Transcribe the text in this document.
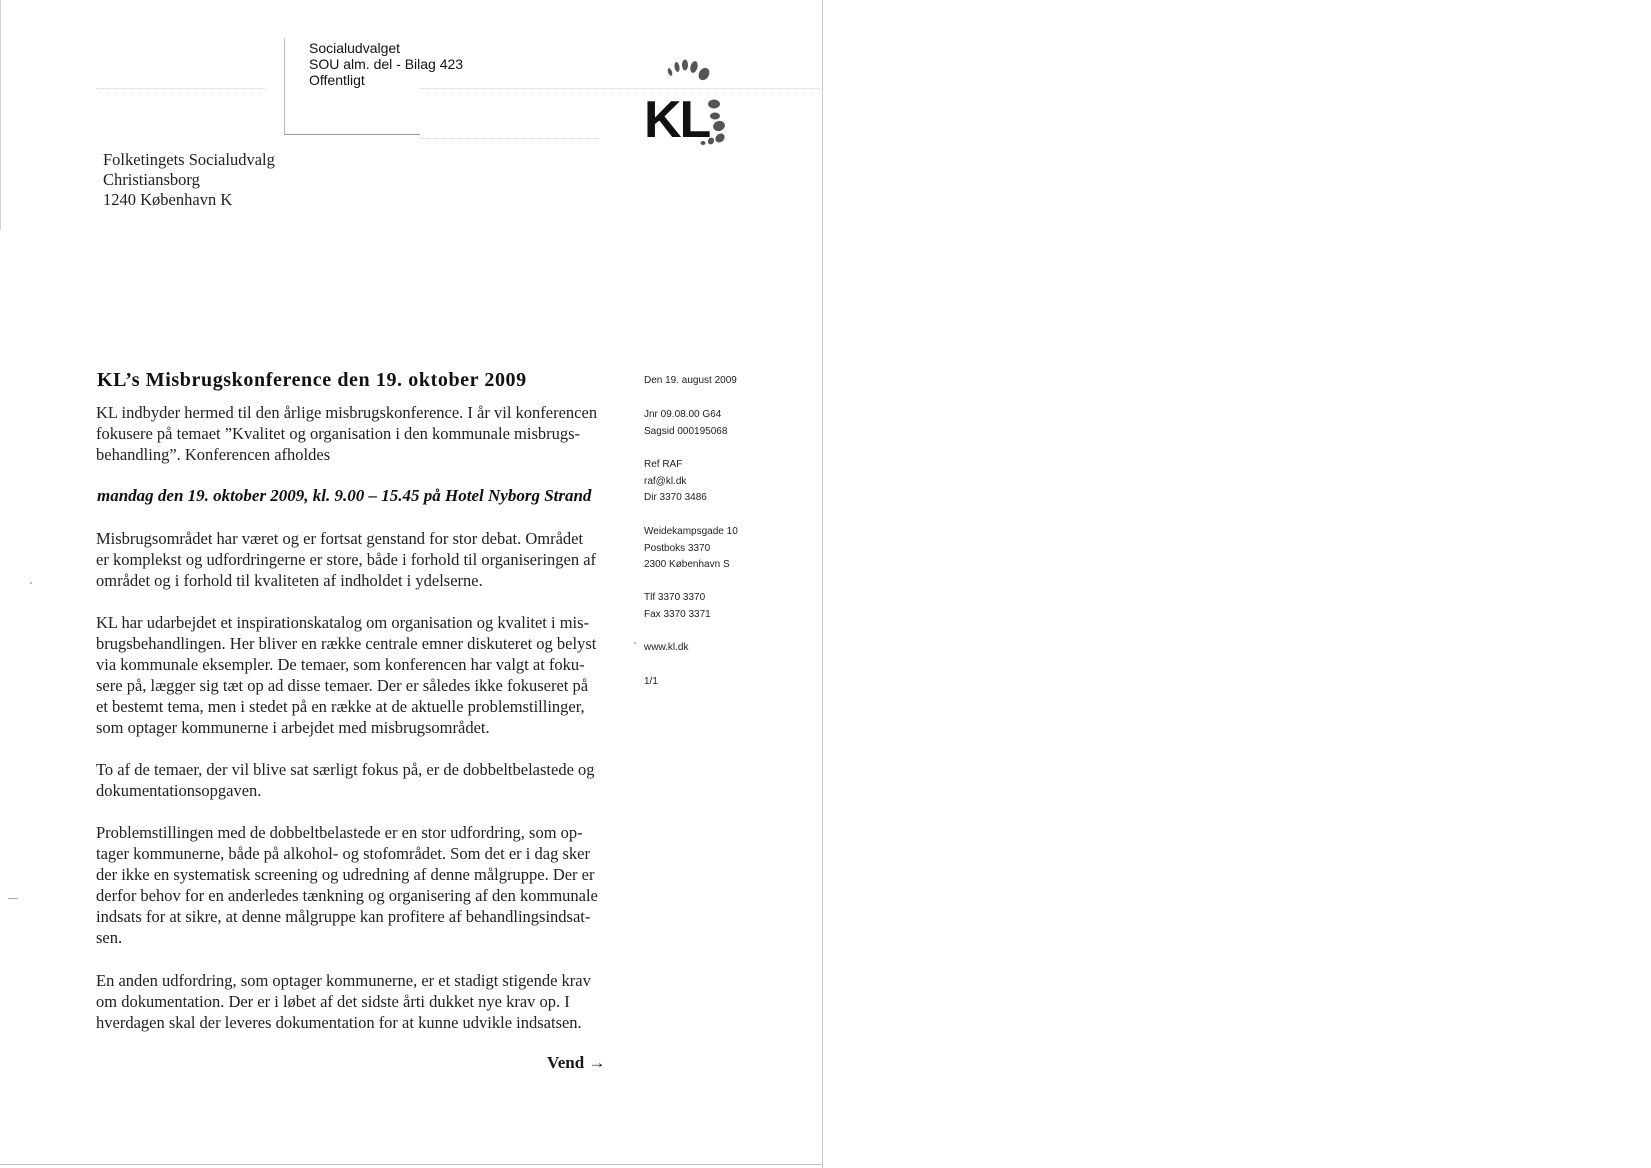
Socialudvalget
SOU alm. del - Bilag 423
Offentligt
KL
Folketingets Socialudvalg
Christiansborg
1240 København K
KL’s Misbrugskonference den 19. oktober 2009
KL indbyder hermed til den årlige misbrugskonference. I år vil konferencen
fokusere på temaet ”Kvalitet og organisation i den kommunale misbrugs-
behandling”. Konferencen afholdes
mandag den 19. oktober 2009, kl. 9.00 – 15.45 på Hotel Nyborg Strand
Misbrugsområdet har været og er fortsat genstand for stor debat. Området
er komplekst og udfordringerne er store, både i forhold til organiseringen af
området og i forhold til kvaliteten af indholdet i ydelserne.
KL har udarbejdet et inspirationskatalog om organisation og kvalitet i mis-
brugsbehandlingen. Her bliver en række centrale emner diskuteret og belyst
via kommunale eksempler. De temaer, som konferencen har valgt at foku-
sere på, lægger sig tæt op ad disse temaer. Der er således ikke fokuseret på
et bestemt tema, men i stedet på en række at de aktuelle problemstillinger,
som optager kommunerne i arbejdet med misbrugsområdet.
To af de temaer, der vil blive sat særligt fokus på, er de dobbeltbelastede og
dokumentationsopgaven.
Problemstillingen med de dobbeltbelastede er en stor udfordring, som op-
tager kommunerne, både på alkohol- og stofområdet. Som det er i dag sker
der ikke en systematisk screening og udredning af denne målgruppe. Der er
derfor behov for en anderledes tænkning og organisering af den kommunale
indsats for at sikre, at denne målgruppe kan profitere af behandlingsindsat-
sen.
En anden udfordring, som optager kommunerne, er et stadigt stigende krav
om dokumentation. Der er i løbet af det sidste årti dukket nye krav op. I
hverdagen skal der leveres dokumentation for at kunne udvikle indsatsen.
Vend →
Den 19. august 2009
Jnr 09.08.00 G64
Sagsid 000195068
Ref RAF
raf@kl.dk
Dir 3370 3486
Weidekampsgade 10
Postboks 3370
2300 København S
Tlf 3370 3370
Fax 3370 3371
www.kl.dk
1/1
